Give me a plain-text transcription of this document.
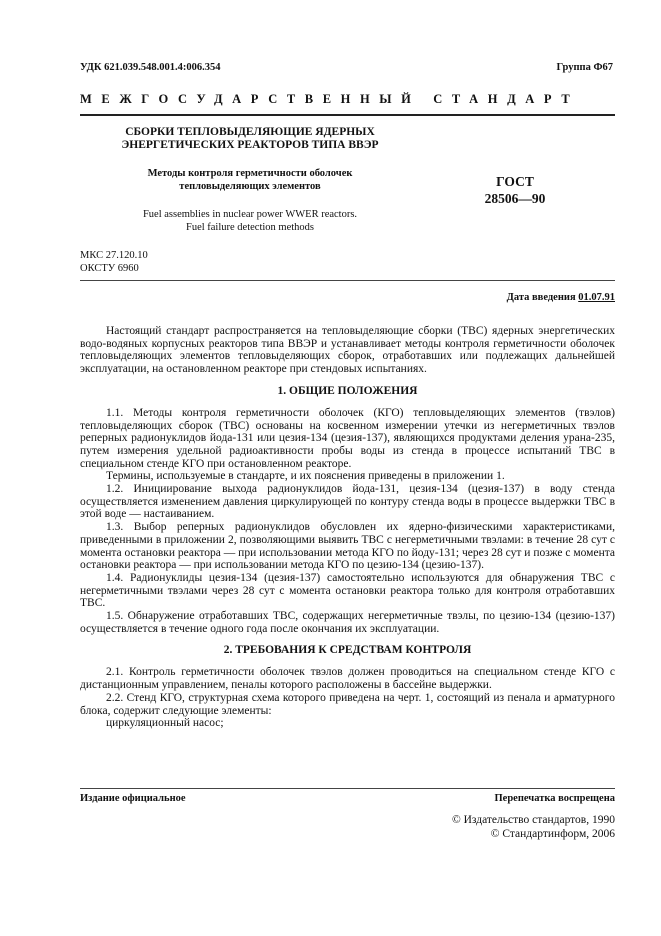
УДК 621.039.548.001.4:006.354	Группа Ф67
МЕЖГОСУДАРСТВЕННЫЙ СТАНДАРТ
СБОРКИ ТЕПЛОВЫДЕЛЯЮЩИЕ ЯДЕРНЫХ
ЭНЕРГЕТИЧЕСКИХ РЕАКТОРОВ ТИПА ВВЭР
Методы контроля герметичности оболочек
тепловыделяющих элементов
Fuel assemblies in nuclear power WWER reactors.
Fuel failure detection methods
ГОСТ
28506—90
МКС 27.120.10
ОКСТУ 6960
Дата введения 01.07.91

Настоящий стандарт распространяется на тепловыделяющие сборки (ТВС) ядерных энергетических водо-водяных корпусных реакторов типа ВВЭР и устанавливает методы контроля герметичности оболочек тепловыделяющих элементов тепловыделяющих сборок, отработавших или подлежащих дальнейшей эксплуатации, на остановленном реакторе при стендовых испытаниях.

1. ОБЩИЕ ПОЛОЖЕНИЯ

1.1. Методы контроля герметичности оболочек (КГО) тепловыделяющих элементов (твэлов) тепловыделяющих сборок (ТВС) основаны на косвенном измерении утечки из негерметичных твэлов реперных радионуклидов йода-131 или цезия-134 (цезия-137), являющихся продуктами деления урана-235, путем измерения удельной радиоактивности пробы воды из стенда в процессе испытаний ТВС в специальном стенде КГО при остановленном реакторе.

Термины, используемые в стандарте, и их пояснения приведены в приложении 1.

1.2. Инициирование выхода радионуклидов йода-131, цезия-134 (цезия-137) в воду стенда осуществляется изменением давления циркулирующей по контуру стенда воды в процессе выдержки ТВС в этой воде — настаиванием.

1.3. Выбор реперных радионуклидов обусловлен их ядерно-физическими характеристиками, приведенными в приложении 2, позволяющими выявить ТВС с негерметичными твэлами: в течение 28 сут с момента остановки реактора — при использовании метода КГО по йоду-131; через 28 сут и позже с момента остановки реактора — при использовании метода КГО по цезию-134 (цезию-137).

1.4. Радионуклиды цезия-134 (цезия-137) самостоятельно используются для обнаружения ТВС с негерметичными твэлами через 28 сут с момента остановки реактора только для контроля отработавших ТВС.

1.5. Обнаружение отработавших ТВС, содержащих негерметичные твэлы, по цезию-134 (цезию-137) осуществляется в течение одного года после окончания их эксплуатации.

2. ТРЕБОВАНИЯ К СРЕДСТВАМ КОНТРОЛЯ

2.1. Контроль герметичности оболочек твэлов должен проводиться на специальном стенде КГО с дистанционным управлением, пеналы которого расположены в бассейне выдержки.

2.2. Стенд КГО, структурная схема которого приведена на черт. 1, состоящий из пенала и арматурного блока, содержит следующие элементы:

циркуляционный насос;

Издание официальное	Перепечатка воспрещена
© Издательство стандартов, 1990
© Стандартинформ, 2006
